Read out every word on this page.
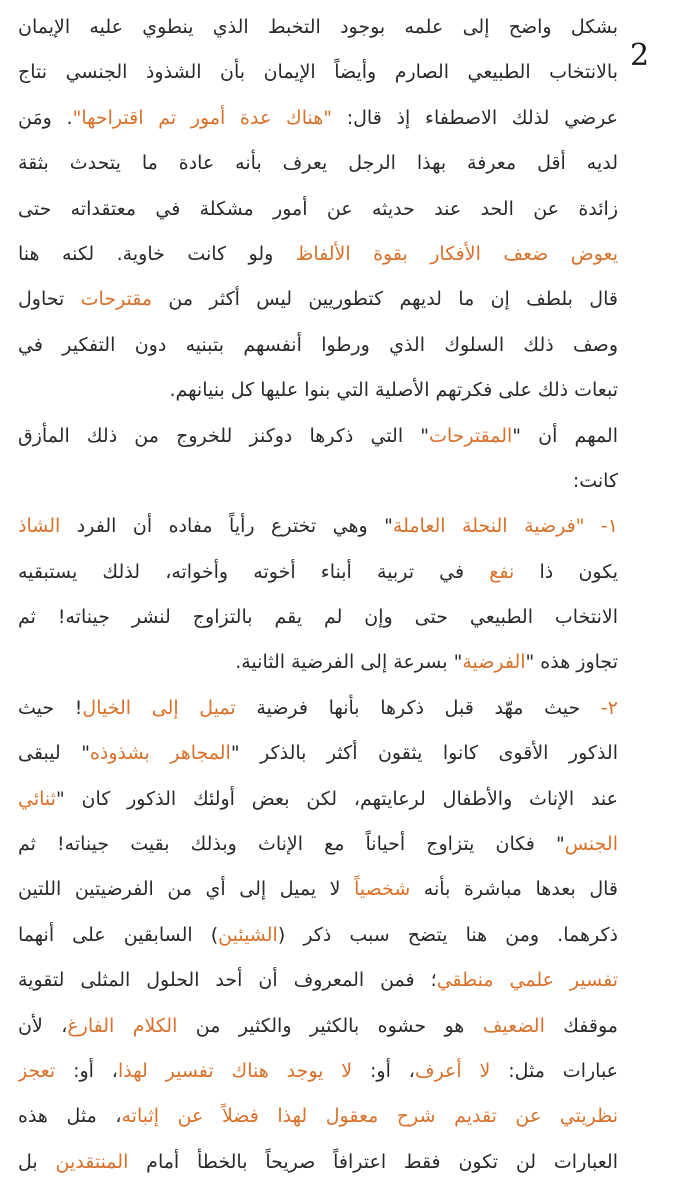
2
بشكل واضح إلى علمه بوجود التخبط الذي ينطوي عليه الإيمان
بالانتخاب الطبيعي الصارم وأيضاً الإيمان بأن الشذوذ الجنسي نتاج
عرضي لذلك الاصطفاء إذ قال: "هناك عدة أمور تم اقتراحها". ومَن
لديه أقل معرفة بهذا الرجل يعرف بأنه عادة ما يتحدث بثقة
زائدة عن الحد عند حديثه عن أمور مشكلة في معتقداته حتى
يعوض ضعف الأفكار بقوة الألفاظ ولو كانت خاوية. لكنه هنا
قال بلطف إن ما لديهم كتطوريين ليس أكثر من مقترحات تحاول
وصف ذلك السلوك الذي ورطوا أنفسهم بتبنيه دون التفكير في
تبعات ذلك على فكرتهم الأصلية التي بنوا عليها كل بنيانهم.
المهم أن "المقترحات" التي ذكرها دوكنز للخروج من ذلك المأزق
كانت:
١- "فرضية النحلة العاملة" وهي تخترع رأياً مفاده أن الفرد الشاذ
يكون ذا نفع في تربية أبناء أخوته وأخواته، لذلك يستبقيه
الانتخاب الطبيعي حتى وإن لم يقم بالتزاوج لنشر جيناته! ثم
تجاوز هذه "الفرضية" بسرعة إلى الفرضية الثانية.
٢- حيث مهّد قبل ذكرها بأنها فرضية تميل إلى الخيال! حيث
الذكور الأقوى كانوا يثقون أكثر بالذكر "المجاهر بشذوذه" ليبقى
عند الإناث والأطفال لرعايتهم، لكن بعض أولئك الذكور كان "ثنائي
الجنس" فكان يتزاوج أحياناً مع الإناث وبذلك بقيت جيناته! ثم
قال بعدها مباشرة بأنه شخصياً لا يميل إلى أي من الفرضيتين اللتين
ذكرهما. ومن هنا يتضح سبب ذكر (الشيئين) السابقين على أنهما
تفسير علمي منطقي؛ فمن المعروف أن أحد الحلول المثلى لتقوية
موقفك الضعيف هو حشوه بالكثير والكثير من الكلام الفارغ، لأن
عبارات مثل: لا أعرف، أو: لا يوجد هناك تفسير لهذا، أو: تعجز
نظريتي عن تقديم شرح معقول لهذا فضلاً عن إثباته، مثل هذه
العبارات لن تكون فقط اعترافاً صريحاً بالخطأ أمام المنتقدين بل
